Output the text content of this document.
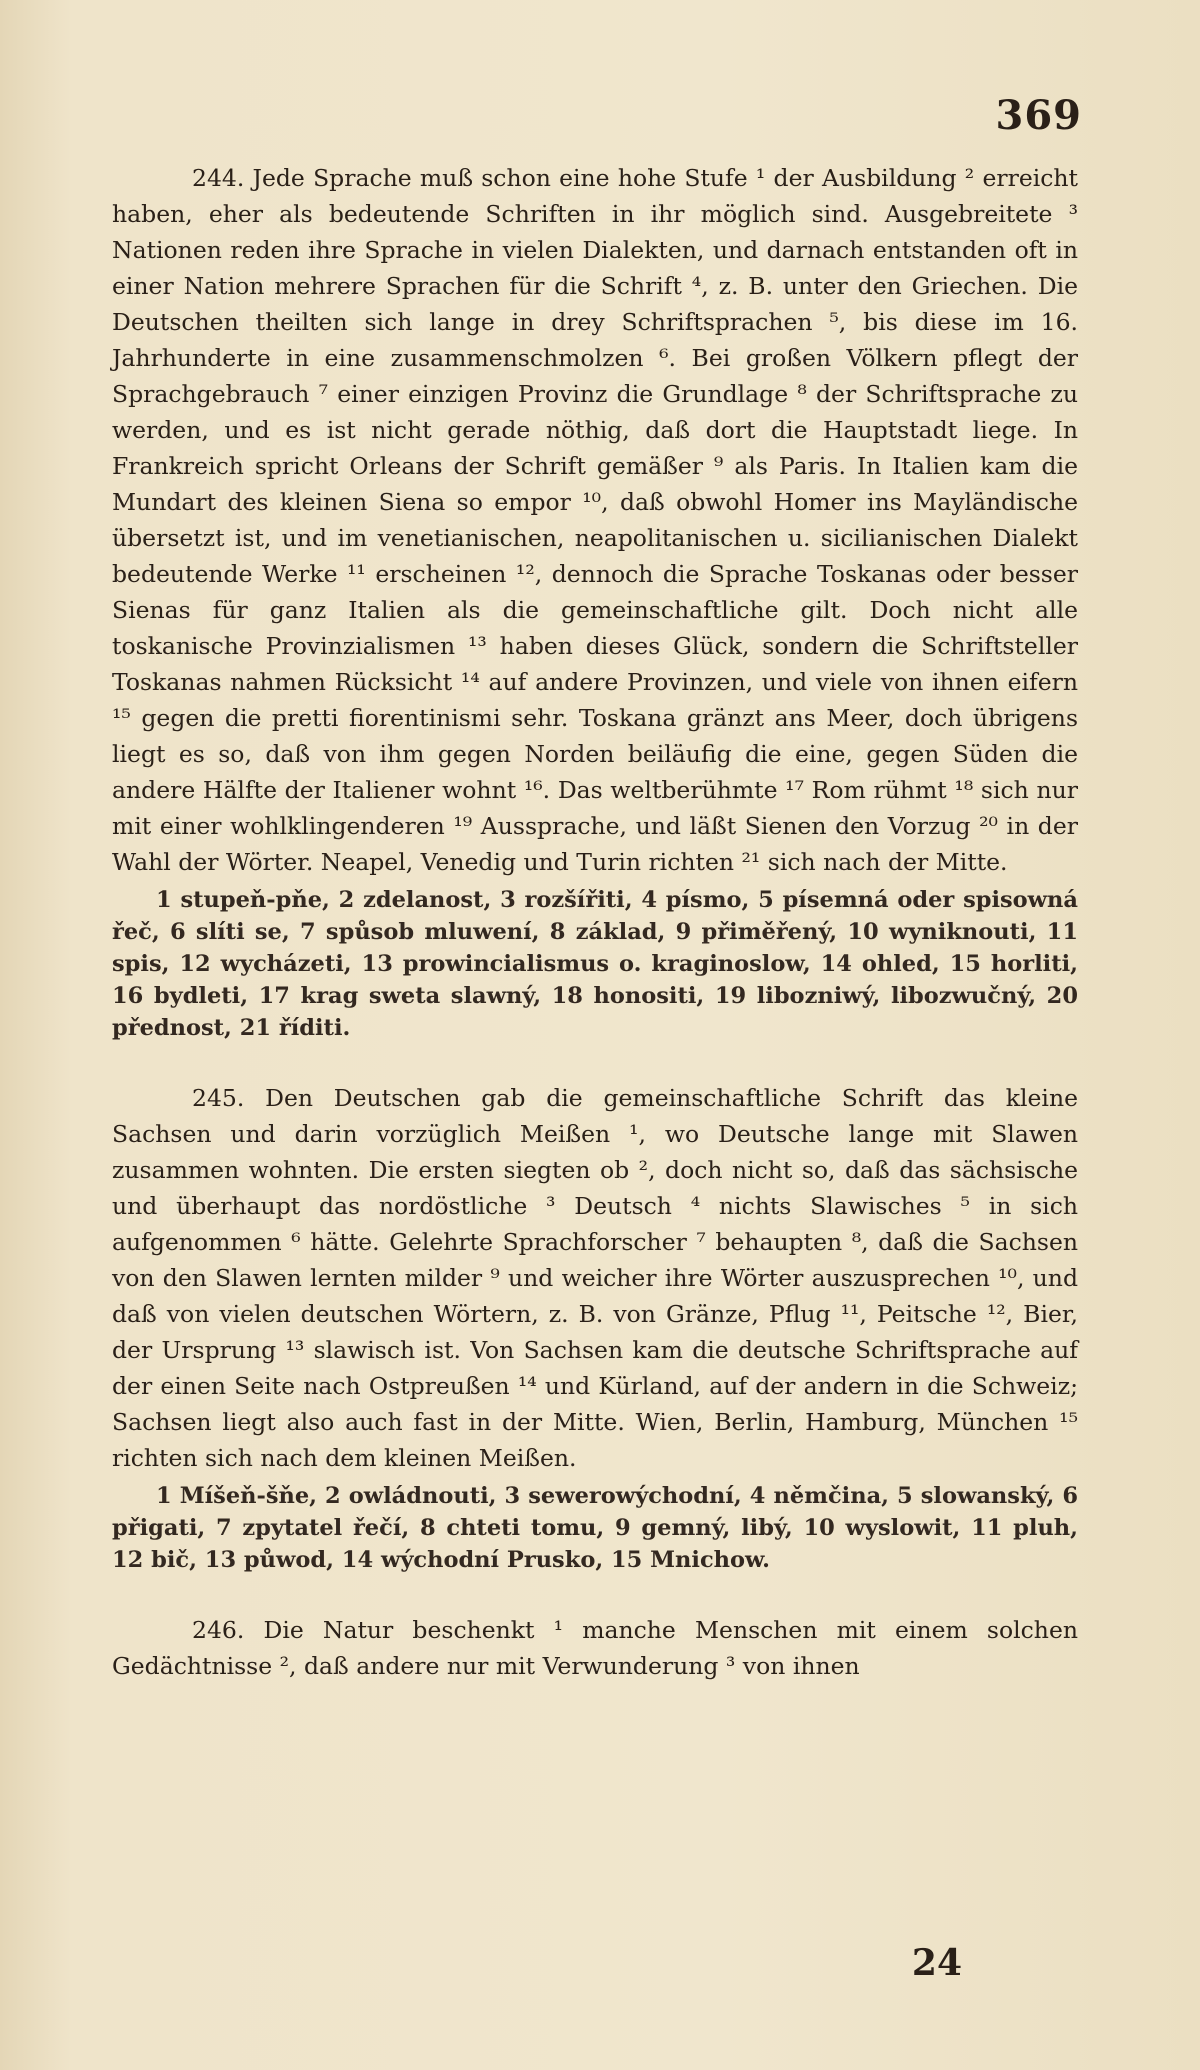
369

244. Jede Sprache muß schon eine hohe Stufe ¹ der Ausbildung ² erreicht haben, eher als bedeutende Schriften in ihr möglich sind. Ausgebreitete ³ Nationen reden ihre Sprache in vielen Dialekten, und darnach entstanden oft in einer Nation mehrere Sprachen für die Schrift ⁴, z. B. unter den Griechen. Die Deutschen theilten sich lange in drey Schriftsprachen ⁵, bis diese im 16. Jahrhunderte in eine zusammenschmolzen ⁶. Bei großen Völkern pflegt der Sprachgebrauch ⁷ einer einzigen Provinz die Grundlage ⁸ der Schriftsprache zu werden, und es ist nicht gerade nöthig, daß dort die Hauptstadt liege. In Frankreich spricht Orleans der Schrift gemäßer ⁹ als Paris. In Italien kam die Mundart des kleinen Siena so empor ¹⁰, daß obwohl Homer ins Mayländische übersetzt ist, und im venetianischen, neapolitanischen u. sicilianischen Dialekt bedeutende Werke ¹¹ erscheinen ¹², dennoch die Sprache Toskanas oder besser Sienas für ganz Italien als die gemeinschaftliche gilt. Doch nicht alle toskanische Provinzialismen ¹³ haben dieses Glück, sondern die Schriftsteller Toskanas nahmen Rücksicht ¹⁴ auf andere Provinzen, und viele von ihnen eifern ¹⁵ gegen die pretti fiorentinismi sehr. Toskana gränzt ans Meer, doch übrigens liegt es so, daß von ihm gegen Norden beiläufig die eine, gegen Süden die andere Hälfte der Italiener wohnt ¹⁶. Das weltberühmte ¹⁷ Rom rühmt ¹⁸ sich nur mit einer wohlklingenderen ¹⁹ Aussprache, und läßt Sienen den Vorzug ²⁰ in der Wahl der Wörter. Neapel, Venedig und Turin richten ²¹ sich nach der Mitte.

1 stupeň-pňe, 2 zdelanost, 3 rozšířiti, 4 písmo, 5 písemná oder spisowná řeč, 6 slíti se, 7 spůsob mluwení, 8 základ, 9 přiměřený, 10 wyniknouti, 11 spis, 12 wycházeti, 13 prowincialismus o. kraginoslow, 14 ohled, 15 horliti, 16 bydleti, 17 krag sweta slawný, 18 honositi, 19 libozniwý, libozwučný, 20 přednost, 21 říditi.

245. Den Deutschen gab die gemeinschaftliche Schrift das kleine Sachsen und darin vorzüglich Meißen ¹, wo Deutsche lange mit Slawen zusammen wohnten. Die ersten siegten ob ², doch nicht so, daß das sächsische und überhaupt das nordöstliche ³ Deutsch ⁴ nichts Slawisches ⁵ in sich aufgenommen ⁶ hätte. Gelehrte Sprachforscher ⁷ behaupten ⁸, daß die Sachsen von den Slawen lernten milder ⁹ und weicher ihre Wörter auszusprechen ¹⁰, und daß von vielen deutschen Wörtern, z. B. von Gränze, Pflug ¹¹, Peitsche ¹², Bier, der Ursprung ¹³ slawisch ist. Von Sachsen kam die deutsche Schriftsprache auf der einen Seite nach Ostpreußen ¹⁴ und Kürland, auf der andern in die Schweiz; Sachsen liegt also auch fast in der Mitte. Wien, Berlin, Hamburg, München ¹⁵ richten sich nach dem kleinen Meißen.

1 Míšeň-šňe, 2 owládnouti, 3 sewerowýchodní, 4 němčina, 5 slowanský, 6 přigati, 7 zpytatel řečí, 8 chteti tomu, 9 gemný, libý, 10 wyslowit, 11 pluh, 12 bič, 13 půwod, 14 wýchodní Prusko, 15 Mnichow.

246. Die Natur beschenkt ¹ manche Menschen mit einem solchen Gedächtnisse ², daß andere nur mit Verwunderung ³ von ihnen

24
